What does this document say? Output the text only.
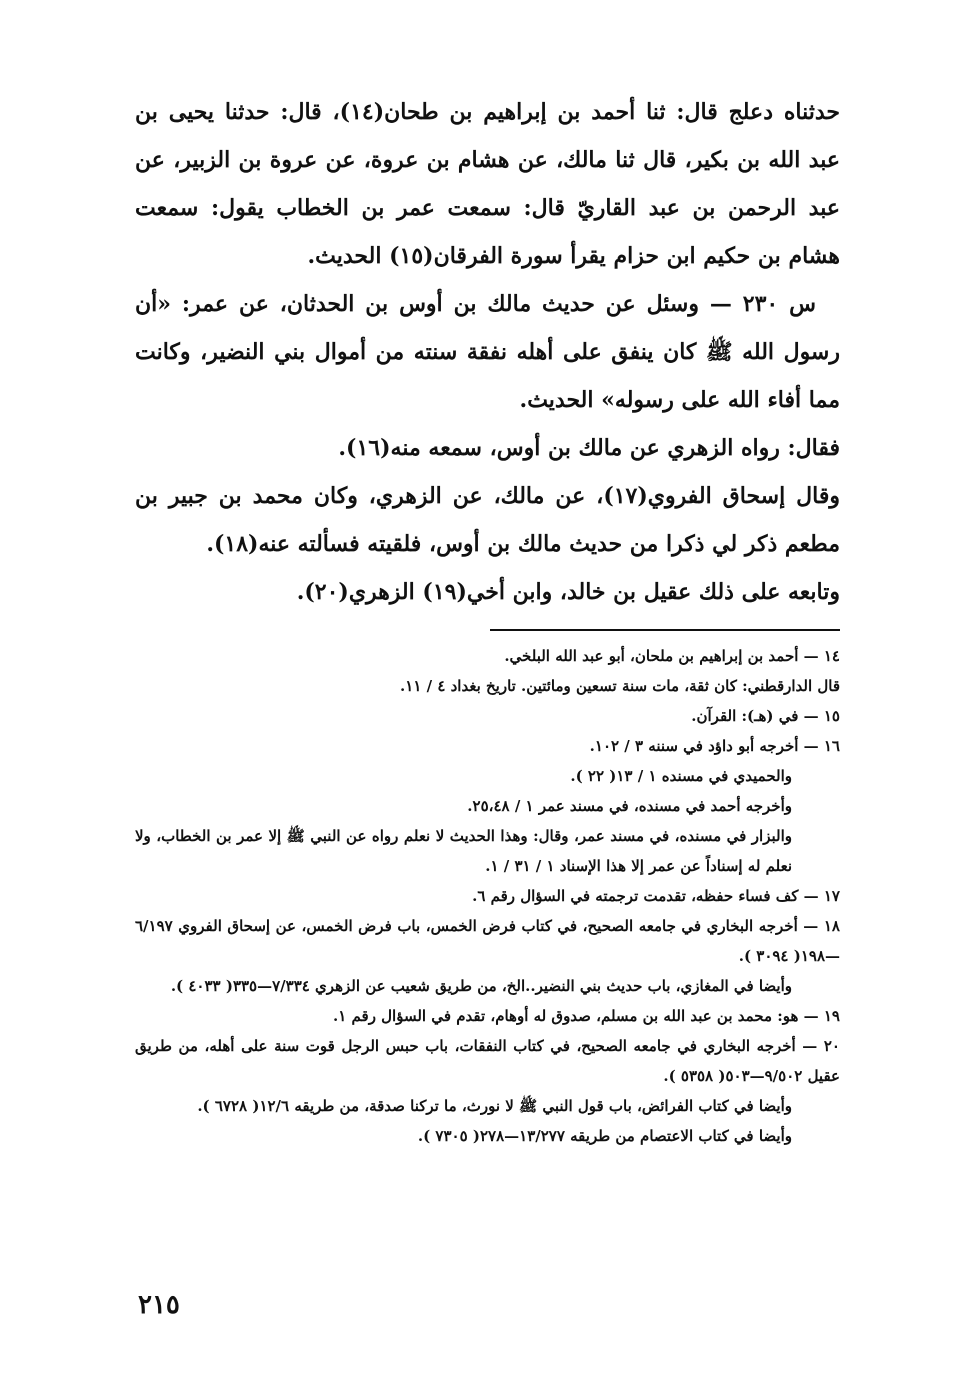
حدثناه دعلج قال: ثنا أحمد بن إبراهيم بن طحان(١٤)، قال: حدثنا يحيى بن عبد الله بن بكير، قال ثنا مالك، عن هشام بن عروة، عن عروة بن الزبير، عن عبد الرحمن بن عبد القاريّ قال: سمعت عمر بن الخطاب يقول: سمعت هشام بن حكيم ابن حزام يقرأ سورة الفرقان(١٥) الحديث.

س ٢٣٠ — وسئل عن حديث مالك بن أوس بن الحدثان، عن عمر: «أن رسول الله ﷺ كان ينفق على أهله نفقة سنته من أموال بني النضير، وكانت مما أفاء الله على رسوله» الحديث.

فقال: رواه الزهري عن مالك بن أوس، سمعه منه(١٦).

وقال إسحاق الفروي(١٧)، عن مالك، عن الزهري، وكان محمد بن جبير بن مطعم ذكر لي ذكرا من حديث مالك بن أوس، فلقيته فسألته عنه(١٨).

وتابعه على ذلك عقيل بن خالد، وابن أخي(١٩) الزهري(٢٠).

١٤ — أحمد بن إبراهيم بن ملحان، أبو عبد الله البلخي.

قال الدارقطني: كان ثقة، مات سنة تسعين ومائتين. تاريخ بغداد ٤ / ١١.

١٥ — في (هـ): القرآن.

١٦ — أخرجه أبو داؤد في سننه ٣ / ١٠٢.

والحميدي في مسنده ١ / ١٣( ٢٢ ).

وأخرجه أحمد في مسنده، في مسند عمر ١ / ٢٥،٤٨.

والبزار في مسنده، في مسند عمر، وقال: وهذا الحديث لا نعلم رواه عن النبي ﷺ إلا عمر بن الخطاب، ولا نعلم له إسناداً عن عمر إلا هذا الإسناد ١ / ٣١ / ١.

١٧ — كف فساء حفظه، تقدمت ترجمته في السؤال رقم ٦.

١٨ — أخرجه البخاري في جامعه الصحيح، في كتاب فرض الخمس، باب فرض الخمس، عن إسحاق الفروي ٦/١٩٧—١٩٨( ٣٠٩٤ ).

وأيضا في المغازي، باب حديث بني النضير..الخ، من طريق شعيب عن الزهري ٧/٣٣٤—٣٣٥( ٤٠٣٣ ).

١٩ — هو: محمد بن عبد الله بن مسلم، صدوق له أوهام، تقدم في السؤال رقم ١.

٢٠ — أخرجه البخاري في جامعه الصحيح، في كتاب النفقات، باب حبس الرجل قوت سنة على أهله، من طريق عقيل ٩/٥٠٢—٥٠٣( ٥٣٥٨ ).

وأيضا في كتاب الفرائض، باب قول النبي ﷺ لا نورث، ما تركنا صدقة، من طريقه ١٢/٦( ٦٧٢٨ ).

وأيضا في كتاب الاعتصام من طريقه ١٣/٢٧٧—٢٧٨( ٧٣٠٥ ).

٢١٥
